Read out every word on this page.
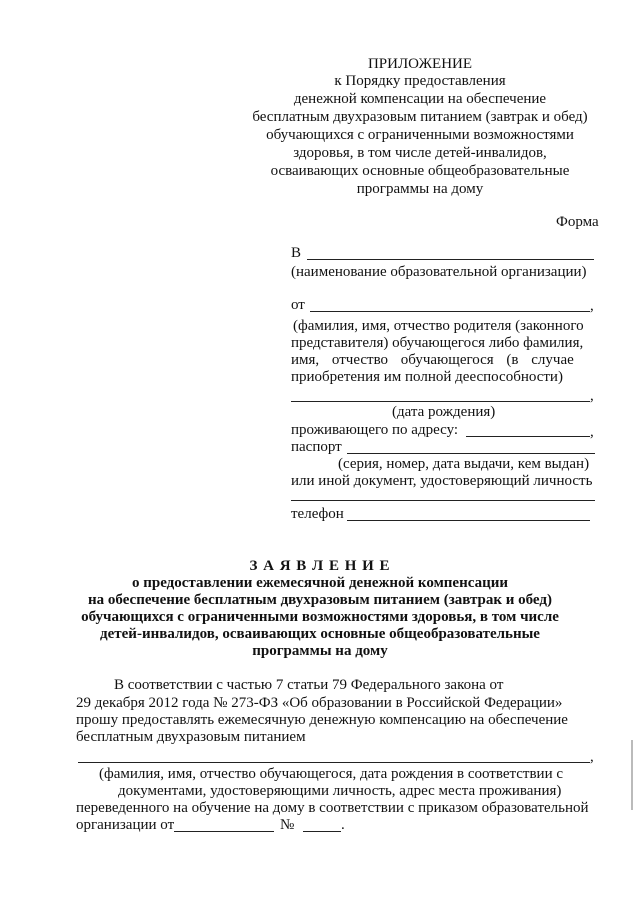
ПРИЛОЖЕНИЕ
к Порядку предоставления
денежной компенсации на обеспечение
бесплатным двухразовым питанием (завтрак и обед)
обучающихся с ограниченными возможностями
здоровья, в том числе детей-инвалидов,
осваивающих основные общеобразовательные
программы на дому
Форма
В
(наименование образовательной организации)
от	,
(фамилия, имя, отчество родителя (законного
представителя) обучающегося либо фамилия,
имя, отчество обучающегося (в случае
приобретения им полной дееспособности)
,
(дата рождения)
проживающего по адресу:	,
паспорт
(серия, номер, дата выдачи, кем выдан)
или иной документ, удостоверяющий личность
телефон
З А Я В Л Е Н И Е
о предоставлении ежемесячной денежной компенсации
на обеспечение бесплатным двухразовым питанием (завтрак и обед)
обучающихся с ограниченными возможностями здоровья, в том числе
детей-инвалидов, осваивающих основные общеобразовательные
программы на дому
В соответствии с частью 7 статьи 79 Федерального закона от
29 декабря 2012 года № 273-ФЗ «Об образовании в Российской Федерации»
прошу предоставлять ежемесячную денежную компенсацию на обеспечение
бесплатным двухразовым питанием
,
(фамилия, имя, отчество обучающегося, дата рождения в соответствии с
документами, удостоверяющими личность, адрес места проживания)
переведенного на обучение на дому в соответствии с приказом образовательной
организации от	№	.
